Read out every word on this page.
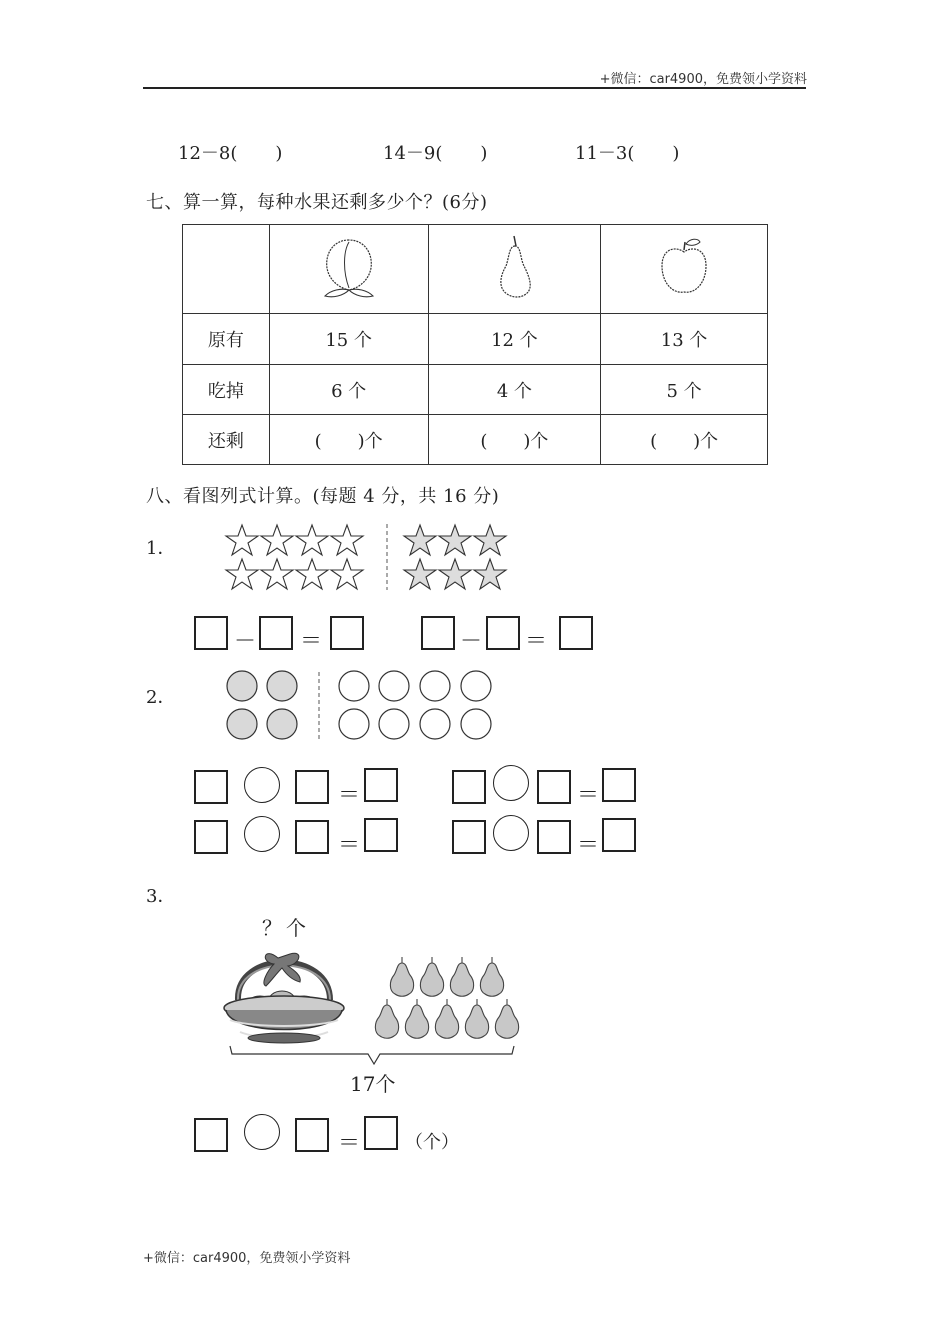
+微信：car4900，免费领小学资料
12－8( )	14－9( )	11－3( )
七、算一算，每种水果还剩多少个？(6分)

原有	15 个	12 个	13 个
吃掉	6 个	4 个	5 个
还剩	(　　)个	(　　)个	(　　)个
八、看图列式计算。(每题 4 分，共 16 分)
1．
－ ＝	－ ＝
2．
＝	＝
＝	＝
3．
？个
17个
＝ （个）
+微信：car4900，免费领小学资料
